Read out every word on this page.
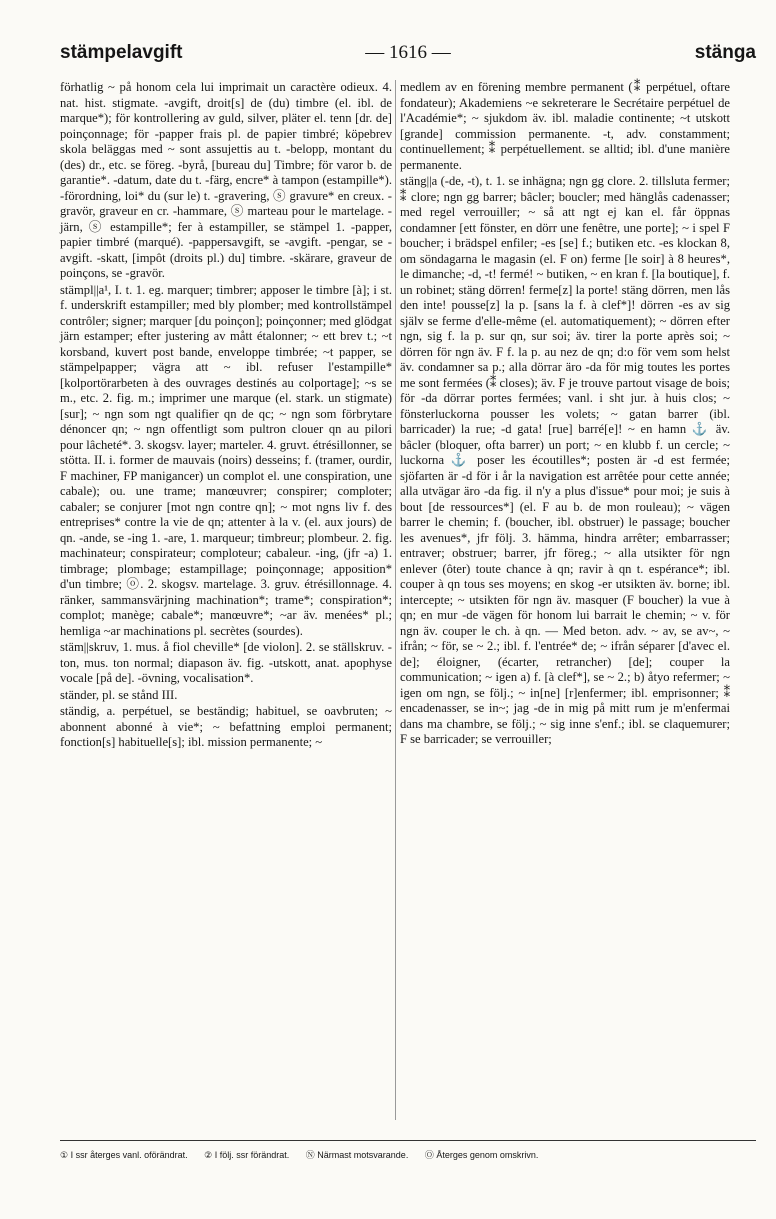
stämpelavgift	— 1616 —	stänga

förhatlig ~ på honom cela lui imprimait un caractère odieux. 4. nat. hist. stigmate. -avgift, droit[s] de (du) timbre (el. ibl. de marque*); för kontrollering av guld, silver, pläter el. tenn [dr. de] poinçonnage; för -papper frais pl. de papier timbré; köpebrev skola beläggas med ~ sont assujettis au t. -belopp, montant du (des) dr., etc. se föreg. -byrå, [bureau du] Timbre; för varor b. de garantie*. -datum, date du t. -färg, encre* à tampon (estampille*). -förordning, loi* du (sur le) t. -gravering, ⓢ gravure* en creux. -gravör, graveur en cr. -hammare, ⓢ marteau pour le martelage. -järn, ⓢ estampille*; fer à estampiller, se stämpel 1. -papper, papier timbré (marqué). -pappersavgift, se -avgift. -pengar, se -avgift. -skatt, [impôt (droits pl.) du] timbre. -skärare, graveur de poinçons, se -gravör.

stämpl||a¹, I. t. 1. eg. marquer; timbrer; apposer le timbre [à]; i st. f. underskrift estampiller; med bly plomber; med kontrollstämpel contrôler; signer; marquer [du poinçon]; poinçonner; med glödgat järn estamper; efter justering av mått étalonner; ~ ett brev t.; ~t korsband, kuvert post bande, enveloppe timbrée; ~t papper, se stämpelpapper; vägra att ~ ibl. refuser l'estampille* [kolportörarbeten à des ouvrages destinés au colportage]; ~s se m., etc. 2. fig. m.; imprimer une marque (el. stark. un stigmate) [sur]; ~ ngn som ngt qualifier qn de qc; ~ ngn som förbrytare dénoncer qn; ~ ngn offentligt som pultron clouer qn au pilori pour lâcheté*. 3. skogsv. layer; marteler. 4. gruvt. étrésillonner, se stötta. II. i. former de mauvais (noirs) desseins; f. (tramer, ourdir, F machiner, FP manigancer) un complot el. une conspiration, une cabale); ou. une trame; manœuvrer; conspirer; comploter; cabaler; se conjurer [mot ngn contre qn]; ~ mot ngns liv f. des entreprises* contre la vie de qn; attenter à la v. (el. aux jours) de qn. -ande, se -ing 1. -are, 1. marqueur; timbreur; plombeur. 2. fig. machinateur; conspirateur; comploteur; cabaleur. -ing, (jfr -a) 1. timbrage; plombage; estampillage; poinçonnage; apposition* d'un timbre; ⓞ. 2. skogsv. martelage. 3. gruv. étrésillonnage. 4. ränker, sammansvärjning machination*; trame*; conspiration*; complot; manège; cabale*; manœuvre*; ~ar äv. menées* pl.; hemliga ~ar machinations pl. secrètes (sourdes).

stäm||skruv, 1. mus. å fiol cheville* [de violon]. 2. se ställskruv. -ton, mus. ton normal; diapason äv. fig. -utskott, anat. apophyse vocale [på de]. -övning, vocalisation*.

ständer, pl. se stånd III.

ständig, a. perpétuel, se beständig; habituel, se oavbruten; ~ abonnent abonné à vie*; ~ befattning emploi permanent; fonction[s] habituelle[s]; ibl. mission permanente; ~

medlem av en förening membre permanent (⁑ perpétuel, oftare fondateur); Akademiens ~e sekreterare le Secrétaire perpétuel de l'Académie*; ~ sjukdom äv. ibl. maladie continente; ~t utskott [grande] commission permanente. -t, adv. constamment; continuellement; ⁑ perpétuellement. se alltid; ibl. d'une manière permanente.

stäng||a (-de, -t), t. 1. se inhägna; ngn gg clore. 2. tillsluta fermer; ⁑ clore; ngn gg barrer; bâcler; boucler; med hänglås cadenasser; med regel verrouiller; ~ så att ngt ej kan el. får öppnas condamner [ett fönster, en dörr une fenêtre, une porte]; ~ i spel F boucher; i brädspel enfiler; -es [se] f.; butiken etc. -es klockan 8, om söndagarna le magasin (el. F on) ferme [le soir] à 8 heures*, le dimanche; -d, -t! fermé! ~ butiken, ~ en kran f. [la boutique], f. un robinet; stäng dörren! ferme[z] la porte! stäng dörren, men lås den inte! pousse[z] la p. [sans la f. à clef*]! dörren -es av sig själv se ferme d'elle-même (el. automatiquement); ~ dörren efter ngn, sig f. la p. sur qn, sur soi; äv. tirer la porte après soi; ~ dörren för ngn äv. F f. la p. au nez de qn; d:o för vem som helst äv. condamner sa p.; alla dörrar äro -da för mig toutes les portes me sont fermées (⁑ closes); äv. F je trouve partout visage de bois; för -da dörrar portes fermées; vanl. i sht jur. à huis clos; ~ fönsterluckorna pousser les volets; ~ gatan barrer (ibl. barricader) la rue; -d gata! [rue] barré[e]! ~ en hamn ⚓ äv. bâcler (bloquer, ofta barrer) un port; ~ en klubb f. un cercle; ~ luckorna ⚓ poser les écoutilles*; posten är -d est fermée; sjöfarten är -d för i år la navigation est arrêtée pour cette année; alla utvägar äro -da fig. il n'y a plus d'issue* pour moi; je suis à bout [de ressources*] (el. F au b. de mon rouleau); ~ vägen barrer le chemin; f. (boucher, ibl. obstruer) le passage; boucher les avenues*, jfr följ. 3. hämma, hindra arrêter; embarrasser; entraver; obstruer; barrer, jfr föreg.; ~ alla utsikter för ngn enlever (ôter) toute chance à qn; ravir à qn t. espérance*; ibl. couper à qn tous ses moyens; en skog -er utsikten äv. borne; ibl. intercepte; ~ utsikten för ngn äv. masquer (F boucher) la vue à qn; en mur -de vägen för honom lui barrait le chemin; ~ v. för ngn äv. couper le ch. à qn. — Med beton. adv. ~ av, se av~, ~ ifrån; ~ för, se ~ 2.; ibl. f. l'entrée* de; ~ ifrån séparer [d'avec el. de]; éloigner, (écarter, retrancher) [de]; couper la communication; ~ igen a) f. [à clef*], se ~ 2.; b) åtyo refermer; ~ igen om ngn, se följ.; ~ in[ne] [r]enfermer; ibl. emprisonner; ⁑ encadenasser, se in~; jag -de in mig på mitt rum je m'enfermai dans ma chambre, se följ.; ~ sig inne s'enf.; ibl. se claquemurer; F se barricader; se verrouiller;

① I ssr återges vanl. oförändrat. ② I följ. ssr förändrat. Ⓝ Närmast motsvarande. Ⓞ Återges genom omskrivn.
